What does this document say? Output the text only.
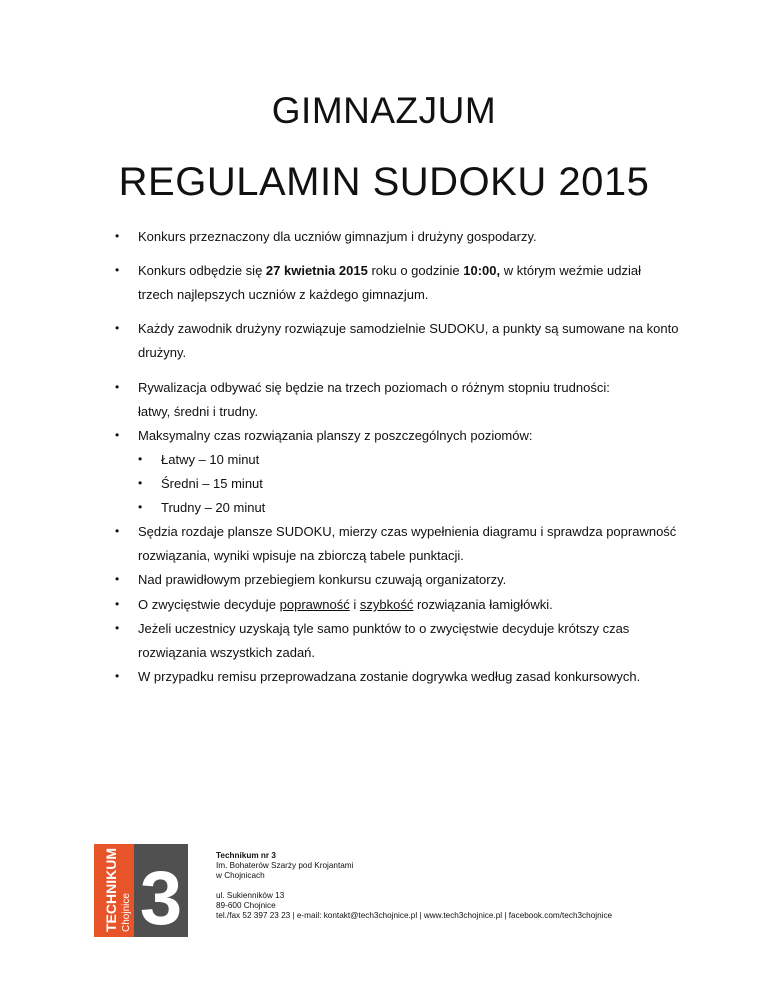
GIMNAZJUM
REGULAMIN SUDOKU 2015
• Konkurs przeznaczony dla uczniów gimnazjum i drużyny gospodarzy.
• Konkurs odbędzie się 27 kwietnia 2015 roku o godzinie 10:00, w którym weźmie udział
trzech najlepszych uczniów z każdego gimnazjum.
• Każdy zawodnik drużyny rozwiązuje samodzielnie SUDOKU, a punkty są sumowane na konto
drużyny.
• Rywalizacja odbywać się będzie na trzech poziomach o różnym stopniu trudności:
łatwy, średni i trudny.
• Maksymalny czas rozwiązania planszy z poszczególnych poziomów:
• Łatwy – 10 minut
• Średni – 15 minut
• Trudny – 20 minut
• Sędzia rozdaje plansze SUDOKU, mierzy czas wypełnienia diagramu i sprawdza poprawność
rozwiązania, wyniki wpisuje na zbiorczą tabele punktacji.
• Nad prawidłowym przebiegiem konkursu czuwają organizatorzy.
• O zwycięstwie decyduje poprawność i szybkość rozwiązania łamigłówki.
• Jeżeli uczestnicy uzyskają tyle samo punktów to o zwycięstwie decyduje krótszy czas
rozwiązania wszystkich zadań.
• W przypadku remisu przeprowadzana zostanie dogrywka według zasad konkursowych.
TECHNIKUM Chojnice 3
Technikum nr 3
Im. Bohaterów Szarży pod Krojantami
w Chojnicach
ul. Sukienników 13
89-600 Chojnice
tel./fax 52 397 23 23 | e-mail: kontakt@tech3chojnice.pl | www.tech3chojnice.pl | facebook.com/tech3chojnice
